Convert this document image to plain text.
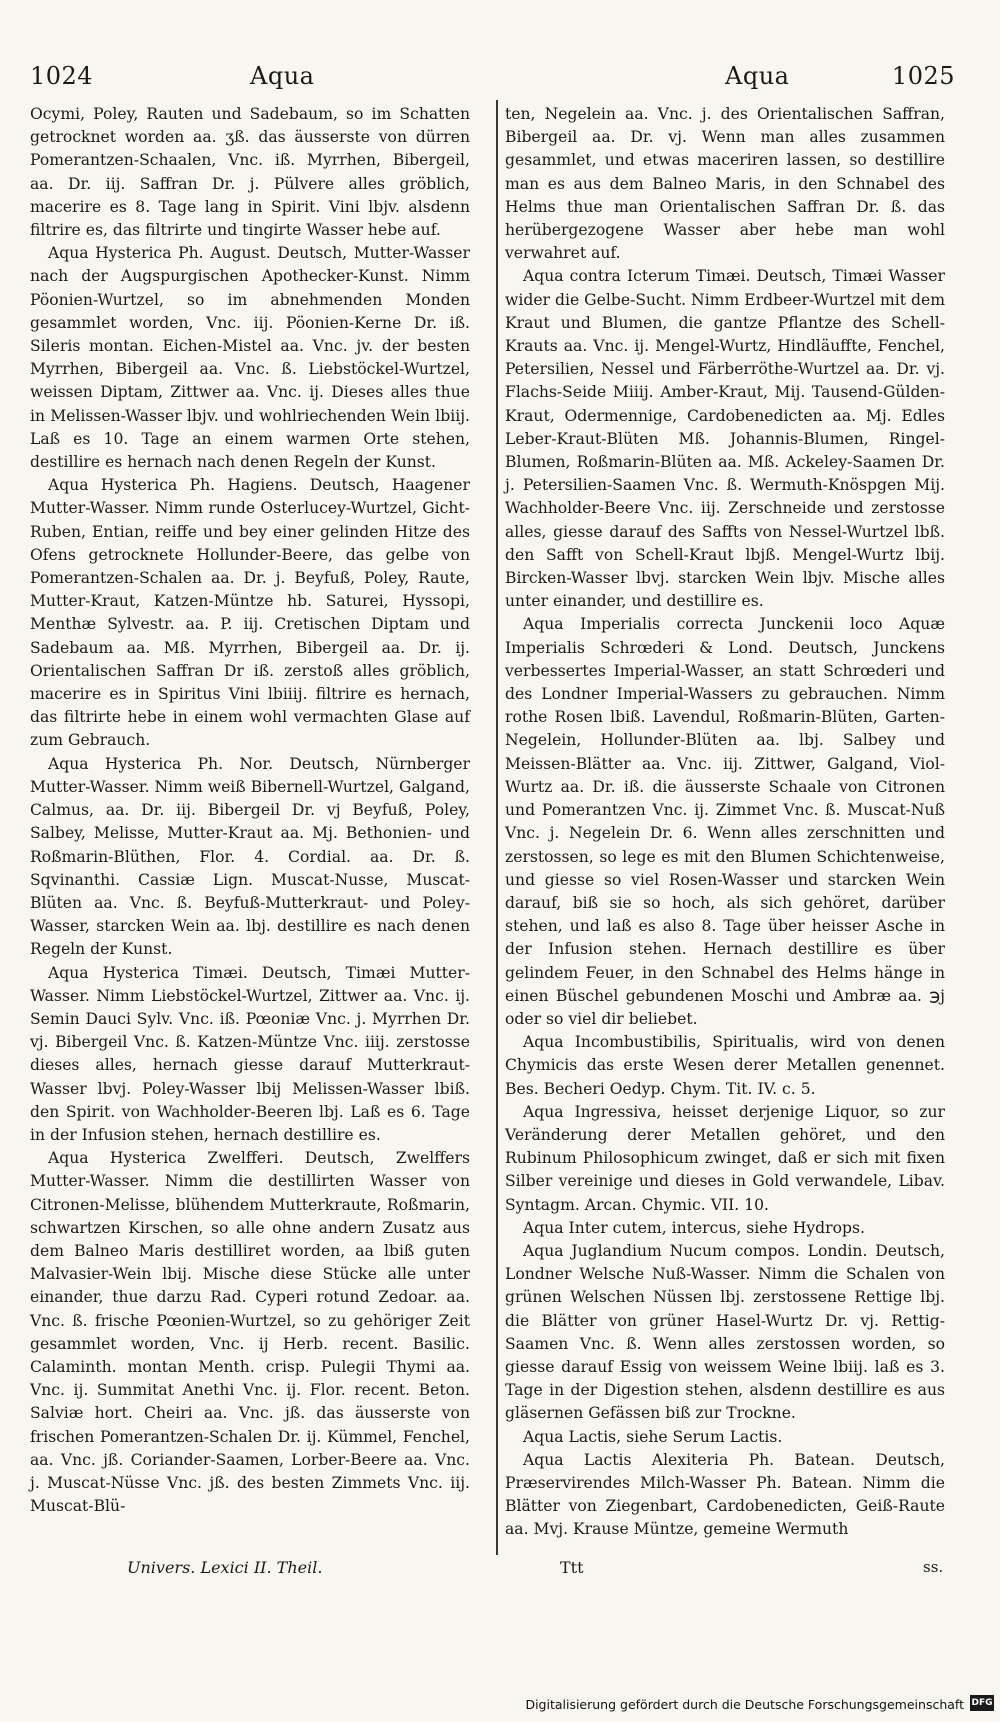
1024	Aqua	Aqua	1025

Ocymi, Poley, Rauten und Sadebaum, so im Schatten getrocknet worden aa. ʒß. das äusserste von dürren Pomerantzen-Schaalen, Vnc. iß. Myrrhen, Bibergeil, aa. Dr. iij. Saffran Dr. j. Pülvere alles gröblich, macerire es 8. Tage lang in Spirit. Vini lbjv. alsdenn filtrire es, das filtrirte und tingirte Wasser hebe auf.

Aqua Hysterica Ph. August. Deutsch, Mutter-Wasser nach der Augspurgischen Apothecker-Kunst. Nimm Pöonien-Wurtzel, so im abnehmenden Monden gesammlet worden, Vnc. iij. Pöonien-Kerne Dr. iß. Sileris montan. Eichen-Mistel aa. Vnc. jv. der besten Myrrhen, Bibergeil aa. Vnc. ß. Liebstöckel-Wurtzel, weissen Diptam, Zittwer aa. Vnc. ij. Dieses alles thue in Melissen-Wasser lbjv. und wohlriechenden Wein lbiij. Laß es 10. Tage an einem warmen Orte stehen, destillire es hernach nach denen Regeln der Kunst.

Aqua Hysterica Ph. Hagiens. Deutsch, Haagener Mutter-Wasser. Nimm runde Osterlucey-Wurtzel, Gicht-Ruben, Entian, reiffe und bey einer gelinden Hitze des Ofens getrocknete Hollunder-Beere, das gelbe von Pomerantzen-Schalen aa. Dr. j. Beyfuß, Poley, Raute, Mutter-Kraut, Katzen-Müntze hb. Saturei, Hyssopi, Menthæ Sylvestr. aa. P. iij. Cretischen Diptam und Sadebaum aa. Mß. Myrrhen, Bibergeil aa. Dr. ij. Orientalischen Saffran Dr iß. zerstoß alles gröblich, macerire es in Spiritus Vini lbiiij. filtrire es hernach, das filtrirte hebe in einem wohl vermachten Glase auf zum Gebrauch.

Aqua Hysterica Ph. Nor. Deutsch, Nürnberger Mutter-Wasser. Nimm weiß Bibernell-Wurtzel, Galgand, Calmus, aa. Dr. iij. Bibergeil Dr. vj Beyfuß, Poley, Salbey, Melisse, Mutter-Kraut aa. Mj. Bethonien- und Roßmarin-Blüthen, Flor. 4. Cordial. aa. Dr. ß. Sqvinanthi. Cassiæ Lign. Muscat-Nusse, Muscat-Blüten aa. Vnc. ß. Beyfuß-Mutterkraut- und Poley-Wasser, starcken Wein aa. lbj. destillire es nach denen Regeln der Kunst.

Aqua Hysterica Timæi. Deutsch, Timæi Mutter-Wasser. Nimm Liebstöckel-Wurtzel, Zittwer aa. Vnc. ij. Semin Dauci Sylv. Vnc. iß. Pœoniæ Vnc. j. Myrrhen Dr. vj. Bibergeil Vnc. ß. Katzen-Müntze Vnc. iiij. zerstosse dieses alles, hernach giesse darauf Mutterkraut-Wasser lbvj. Poley-Wasser lbij Melissen-Wasser lbiß. den Spirit. von Wachholder-Beeren lbj. Laß es 6. Tage in der Infusion stehen, hernach destillire es.

Aqua Hysterica Zwelfferi. Deutsch, Zwelffers Mutter-Wasser. Nimm die destillirten Wasser von Citronen-Melisse, blühendem Mutterkraute, Roßmarin, schwartzen Kirschen, so alle ohne andern Zusatz aus dem Balneo Maris destilliret worden, aa lbiß guten Malvasier-Wein lbij. Mische diese Stücke alle unter einander, thue darzu Rad. Cyperi rotund Zedoar. aa. Vnc. ß. frische Pœonien-Wurtzel, so zu gehöriger Zeit gesammlet worden, Vnc. ij Herb. recent. Basilic. Calaminth. montan Menth. crisp. Pulegii Thymi aa. Vnc. ij. Summitat Anethi Vnc. ij. Flor. recent. Beton. Salviæ hort. Cheiri aa. Vnc. jß. das äusserste von frischen Pomerantzen-Schalen Dr. ij. Kümmel, Fenchel, aa. Vnc. jß. Coriander-Saamen, Lorber-Beere aa. Vnc. j. Muscat-Nüsse Vnc. jß. des besten Zimmets Vnc. iij. Muscat-Blü-

ten, Negelein aa. Vnc. j. des Orientalischen Saffran, Bibergeil aa. Dr. vj. Wenn man alles zusammen gesammlet, und etwas maceriren lassen, so destillire man es aus dem Balneo Maris, in den Schnabel des Helms thue man Orientalischen Saffran Dr. ß. das herübergezogene Wasser aber hebe man wohl verwahret auf.

Aqua contra Icterum Timæi. Deutsch, Timæi Wasser wider die Gelbe-Sucht. Nimm Erdbeer-Wurtzel mit dem Kraut und Blumen, die gantze Pflantze des Schell-Krauts aa. Vnc. ij. Mengel-Wurtz, Hindläuffte, Fenchel, Petersilien, Nessel und Färberröthe-Wurtzel aa. Dr. vj. Flachs-Seide Miiij. Amber-Kraut, Mij. Tausend-Gülden-Kraut, Odermennige, Cardobenedicten aa. Mj. Edles Leber-Kraut-Blüten Mß. Johannis-Blumen, Ringel-Blumen, Roßmarin-Blüten aa. Mß. Ackeley-Saamen Dr. j. Petersilien-Saamen Vnc. ß. Wermuth-Knöspgen Mij. Wachholder-Beere Vnc. iij. Zerschneide und zerstosse alles, giesse darauf des Saffts von Nessel-Wurtzel lbß. den Safft von Schell-Kraut lbjß. Mengel-Wurtz lbij. Bircken-Wasser lbvj. starcken Wein lbjv. Mische alles unter einander, und destillire es.

Aqua Imperialis correcta Junckenii loco Aquæ Imperialis Schrœderi & Lond. Deutsch, Junckens verbessertes Imperial-Wasser, an statt Schrœderi und des Londner Imperial-Wassers zu gebrauchen. Nimm rothe Rosen lbiß. Lavendul, Roßmarin-Blüten, Garten-Negelein, Hollunder-Blüten aa. lbj. Salbey und Meissen-Blätter aa. Vnc. iij. Zittwer, Galgand, Viol-Wurtz aa. Dr. iß. die äusserste Schaale von Citronen und Pomerantzen Vnc. ij. Zimmet Vnc. ß. Muscat-Nuß Vnc. j. Negelein Dr. 6. Wenn alles zerschnitten und zerstossen, so lege es mit den Blumen Schichtenweise, und giesse so viel Rosen-Wasser und starcken Wein darauf, biß sie so hoch, als sich gehöret, darüber stehen, und laß es also 8. Tage über heisser Asche in der Infusion stehen. Hernach destillire es über gelindem Feuer, in den Schnabel des Helms hänge in einen Büschel gebundenen Moschi und Ambræ aa. ℈j oder so viel dir beliebet.

Aqua Incombustibilis, Spiritualis, wird von denen Chymicis das erste Wesen derer Metallen genennet. Bes. Becheri Oedyp. Chym. Tit. IV. c. 5.

Aqua Ingressiva, heisset derjenige Liquor, so zur Veränderung derer Metallen gehöret, und den Rubinum Philosophicum zwinget, daß er sich mit fixen Silber vereinige und dieses in Gold verwandele, Libav. Syntagm. Arcan. Chymic. VII. 10.

Aqua Inter cutem, intercus, siehe Hydrops.

Aqua Juglandium Nucum compos. Londin. Deutsch, Londner Welsche Nuß-Wasser. Nimm die Schalen von grünen Welschen Nüssen lbj. zerstossene Rettige lbj. die Blätter von grüner Hasel-Wurtz Dr. vj. Rettig-Saamen Vnc. ß. Wenn alles zerstossen worden, so giesse darauf Essig von weissem Weine lbiij. laß es 3. Tage in der Digestion stehen, alsdenn destillire es aus gläsernen Gefässen biß zur Trockne.

Aqua Lactis, siehe Serum Lactis.

Aqua Lactis Alexiteria Ph. Batean. Deutsch, Præservirendes Milch-Wasser Ph. Batean. Nimm die Blätter von Ziegenbart, Cardobenedicten, Geiß-Raute aa. Mvj. Krause Müntze, gemeine Wermuth

Univers. Lexici II. Theil.	Ttt	ss.
Digitalisierung gefördert durch die Deutsche Forschungsgemeinschaft DFG
